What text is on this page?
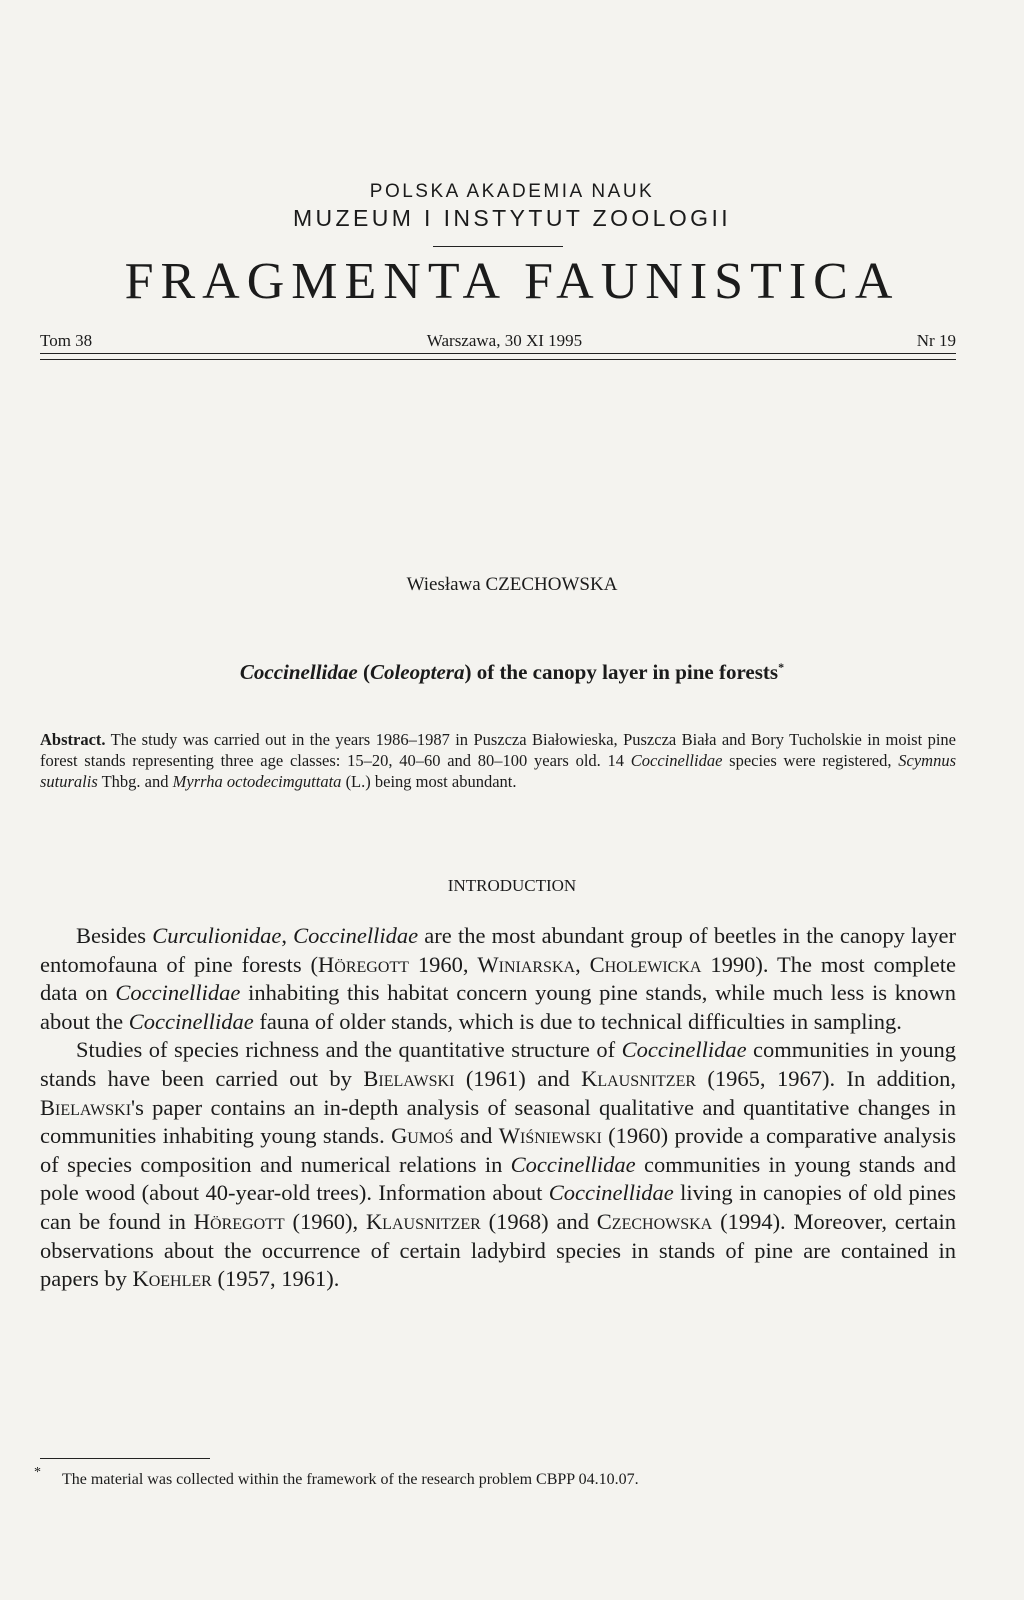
POLSKA AKADEMIA NAUK
MUZEUM I INSTYTUT ZOOLOGII
FRAGMENTA FAUNISTICA
Tom 38	Warszawa, 30 XI 1995	Nr 19
Wiesława CZECHOWSKA
Coccinellidae (Coleoptera) of the canopy layer in pine forests*
Abstract. The study was carried out in the years 1986–1987 in Puszcza Białowieska, Puszcza Biała and Bory Tucholskie in moist pine forest stands representing three age classes: 15–20, 40–60 and 80–100 years old. 14 Coccinellidae species were registered, Scymnus suturalis Thbg. and Myrrha octodecimguttata (L.) being most abundant.
INTRODUCTION

Besides Curculionidae, Coccinellidae are the most abundant group of beetles in the canopy layer entomofauna of pine forests (Höregott 1960, Winiarska, Cholewicka 1990). The most complete data on Coccinellidae inhabiting this habitat concern young pine stands, while much less is known about the Coccinellidae fauna of older stands, which is due to technical difficulties in sampling.

Studies of species richness and the quantitative structure of Coccinellidae communities in young stands have been carried out by Bielawski (1961) and Klausnitzer (1965, 1967). In addition, Bielawski's paper contains an in-depth analysis of seasonal qualitative and quantitative changes in communities inhabiting young stands. Gumoś and Wiśniewski (1960) provide a comparative analysis of species composition and numerical relations in Coccinellidae communities in young stands and pole wood (about 40-year-old trees). Information about Coccinellidae living in canopies of old pines can be found in Höregott (1960), Klausnitzer (1968) and Czechowska (1994). Moreover, certain observations about the occurrence of certain ladybird species in stands of pine are contained in papers by Koehler (1957, 1961).

* The material was collected within the framework of the research problem CBPP 04.10.07.
